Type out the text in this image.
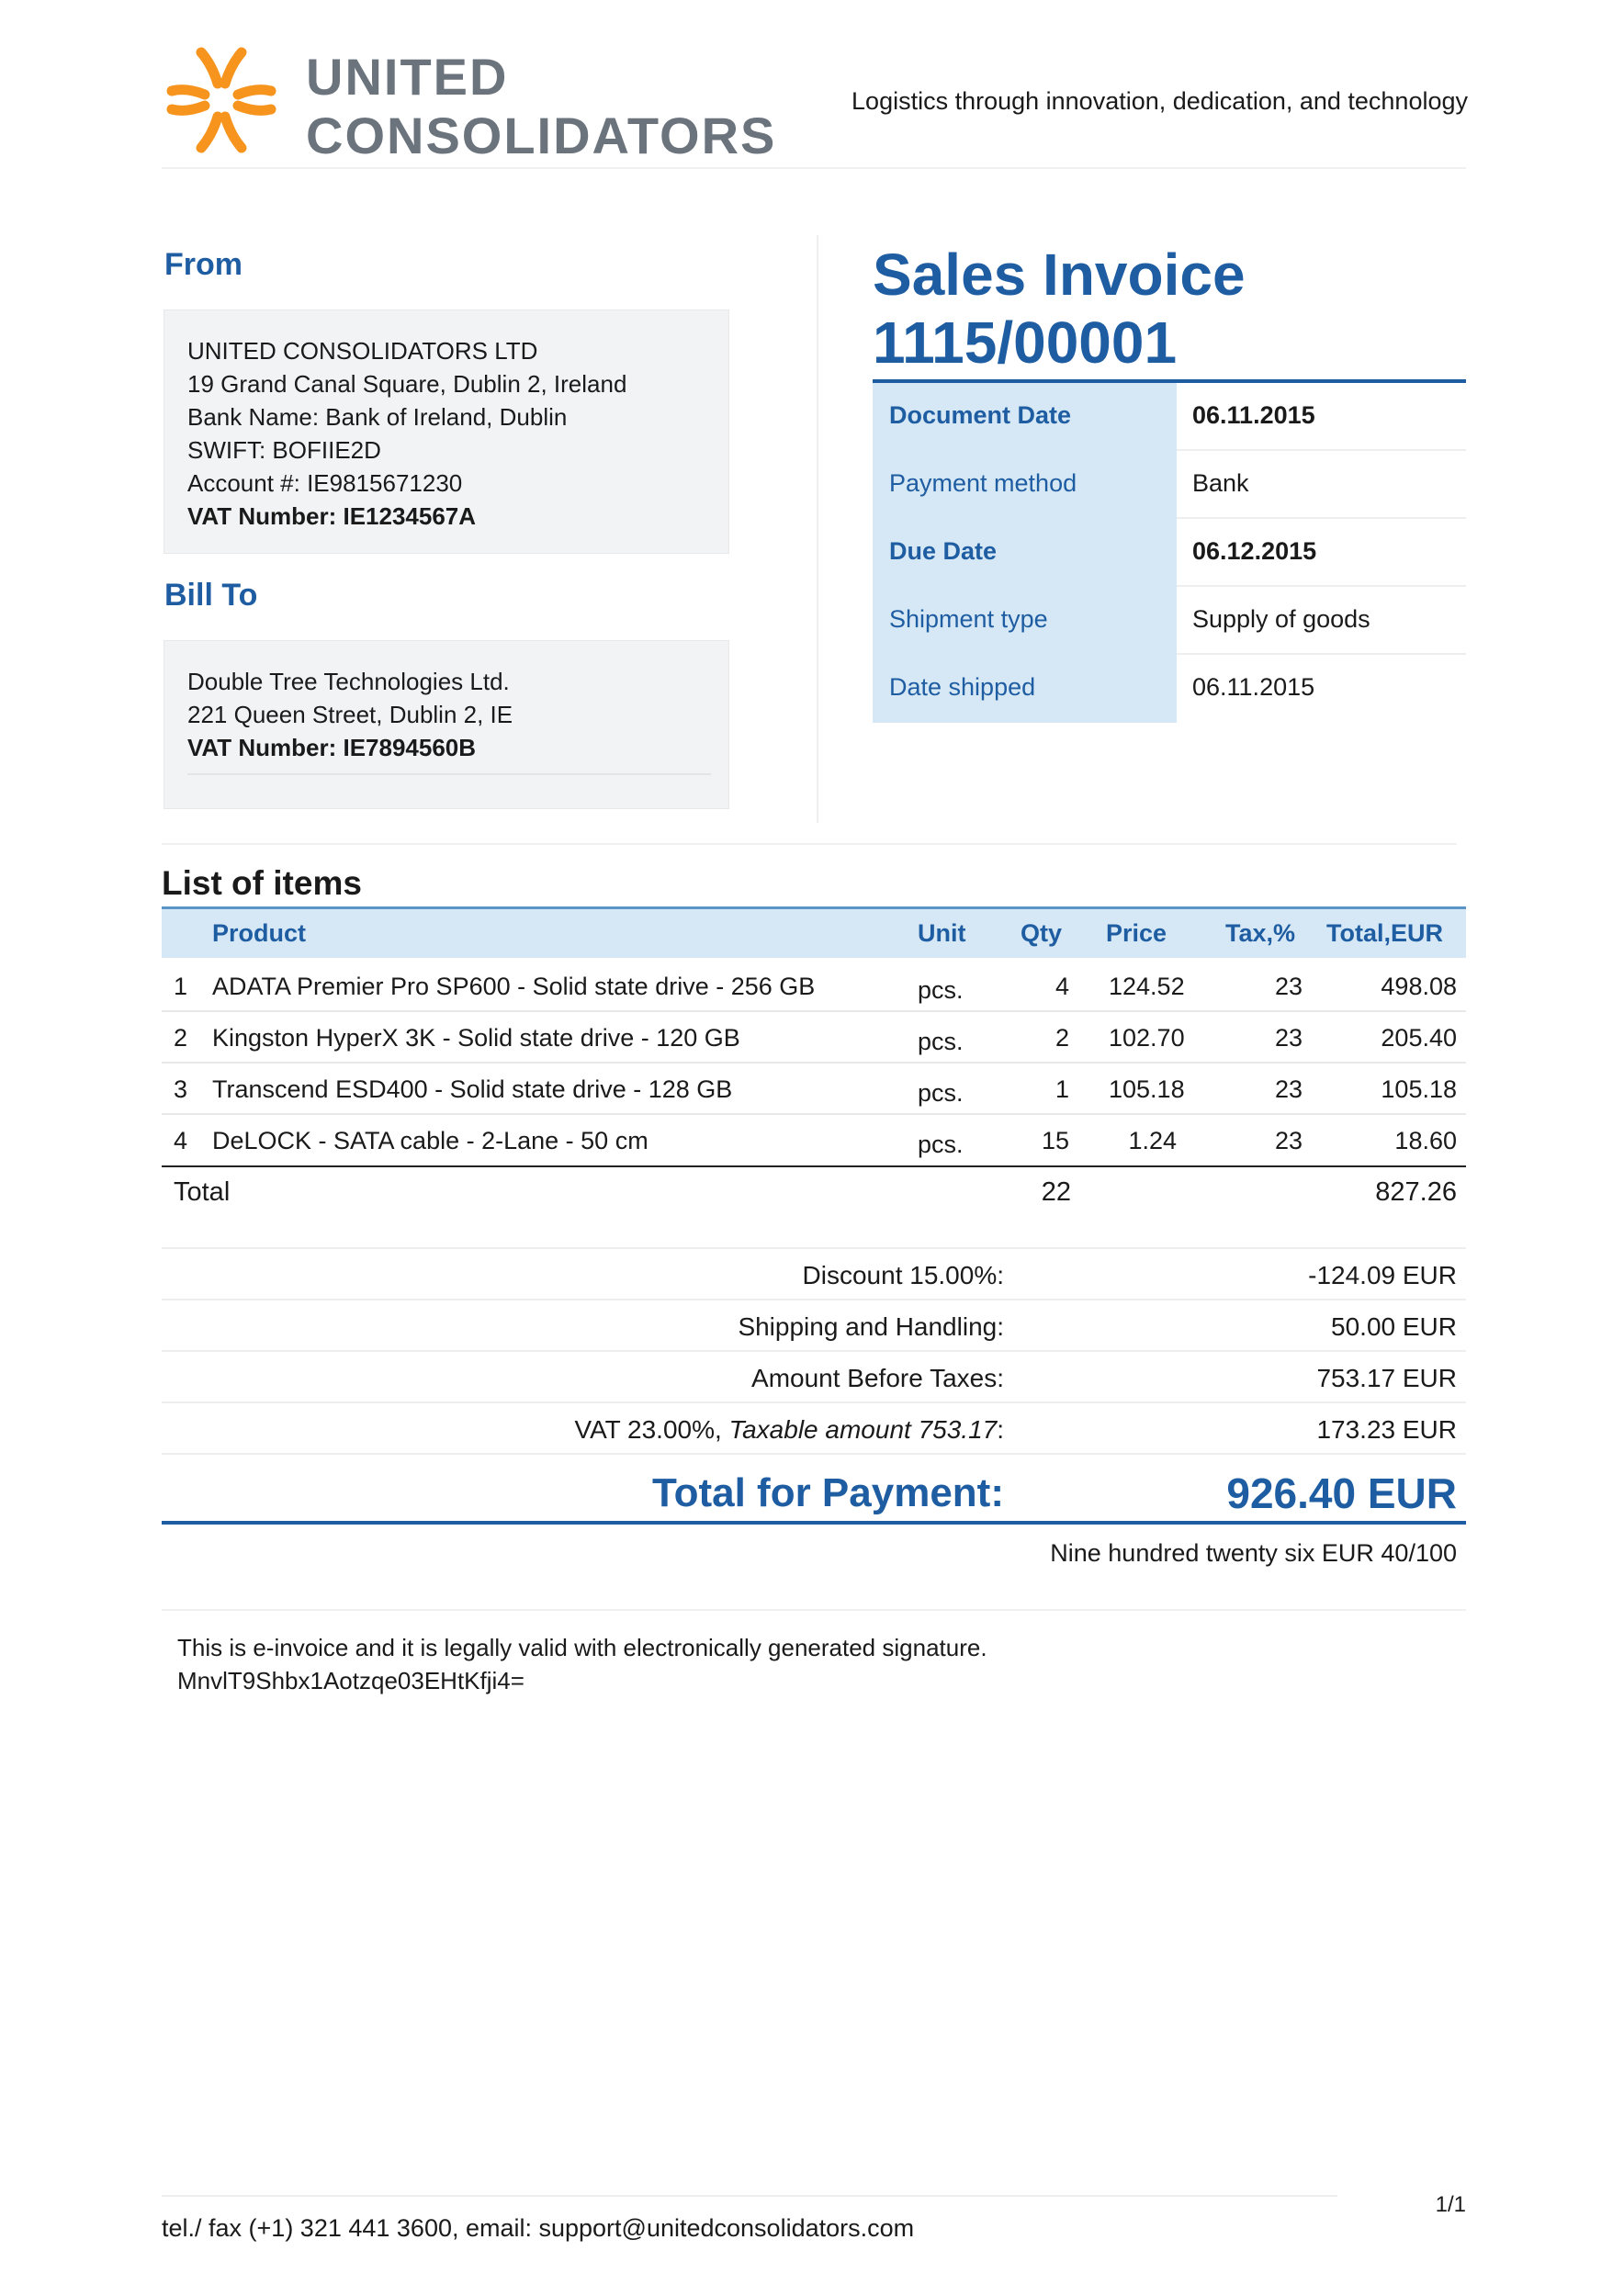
UNITED
CONSOLIDATORS
Logistics through innovation, dedication, and technology
From
UNITED CONSOLIDATORS LTD
19 Grand Canal Square, Dublin 2, Ireland
Bank Name: Bank of Ireland, Dublin
SWIFT: BOFIIE2D
Account #: IE9815671230
VAT Number: IE1234567A
Bill To
Double Tree Technologies Ltd.
221 Queen Street, Dublin 2, IE
VAT Number: IE7894560B
Sales Invoice
1115/00001
Document Date	06.11.2015
Payment method	Bank
Due Date	06.12.2015
Shipment type	Supply of goods
Date shipped	06.11.2015
List of items
Product	Unit Qty Price Tax,% Total,EUR
1 ADATA Premier Pro SP600 - Solid state drive - 256 GB	pcs.	4 124.52	23	498.08
2 Kingston HyperX 3K - Solid state drive - 120 GB	pcs.	2 102.70	23	205.40
3 Transcend ESD400 - Solid state drive - 128 GB	pcs.	1 105.18	23	105.18
4 DeLOCK - SATA cable - 2-Lane - 50 cm	pcs.	15 1.24	23	18.60
Total	22	827.26
Discount 15.00%:	-124.09 EUR
Shipping and Handling:	50.00 EUR
Amount Before Taxes:	753.17 EUR
VAT 23.00%, Taxable amount 753.17:	173.23 EUR
Total for Payment:	926.40 EUR
Nine hundred twenty six EUR 40/100
This is e-invoice and it is legally valid with electronically generated signature.
MnvlT9Shbx1Aotzqe03EHtKfji4=
tel./ fax (+1) 321 441 3600, email: support@unitedconsolidators.com
1/1
